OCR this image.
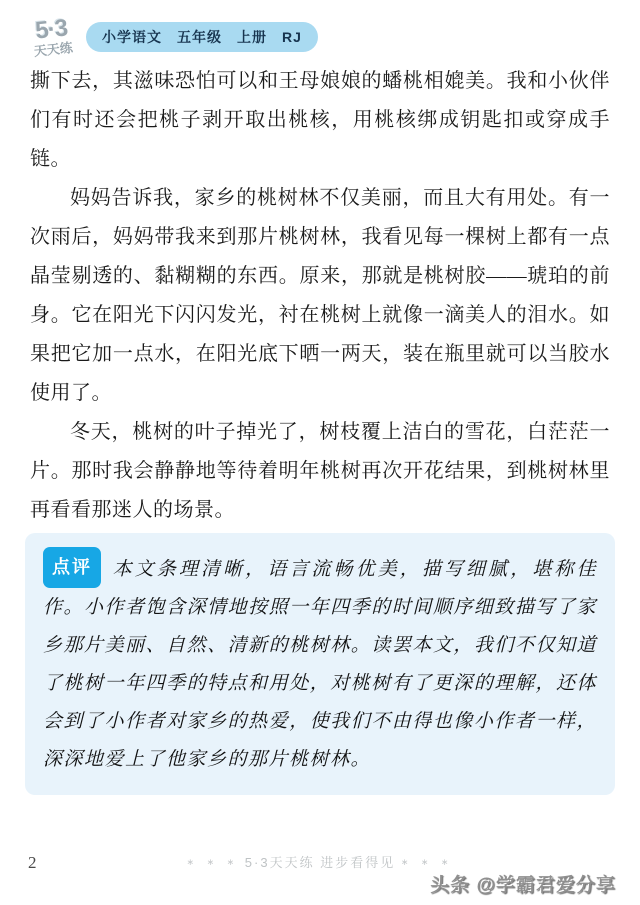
5·3
天天练
小学语文　五年级　上册　RJ

撕下去，其滋味恐怕可以和王母娘娘的蟠桃相媲美。我和小伙伴们有时还会把桃子剥开取出桃核，用桃核绑成钥匙扣或穿成手链。

妈妈告诉我，家乡的桃树林不仅美丽，而且大有用处。有一次雨后，妈妈带我来到那片桃树林，我看见每一棵树上都有一点晶莹剔透的、黏糊糊的东西。原来，那就是桃树胶——琥珀的前身。它在阳光下闪闪发光，衬在桃树上就像一滴美人的泪水。如果把它加一点水，在阳光底下晒一两天，装在瓶里就可以当胶水使用了。

冬天，桃树的叶子掉光了，树枝覆上洁白的雪花，白茫茫一片。那时我会静静地等待着明年桃树再次开花结果，到桃树林里再看看那迷人的场景。

点评 本文条理清晰，语言流畅优美，描写细腻，堪称佳作。小作者饱含深情地按照一年四季的时间顺序细致描写了家乡那片美丽、自然、清新的桃树林。读罢本文，我们不仅知道了桃树一年四季的特点和用处，对桃树有了更深的理解，还体会到了小作者对家乡的热爱，使我们不由得也像小作者一样，深深地爱上了他家乡的那片桃树林。
2	∗ ∗ ∗ 5·3天天练 进步看得见 ∗ ∗ ∗
头条 @学霸君爱分享
